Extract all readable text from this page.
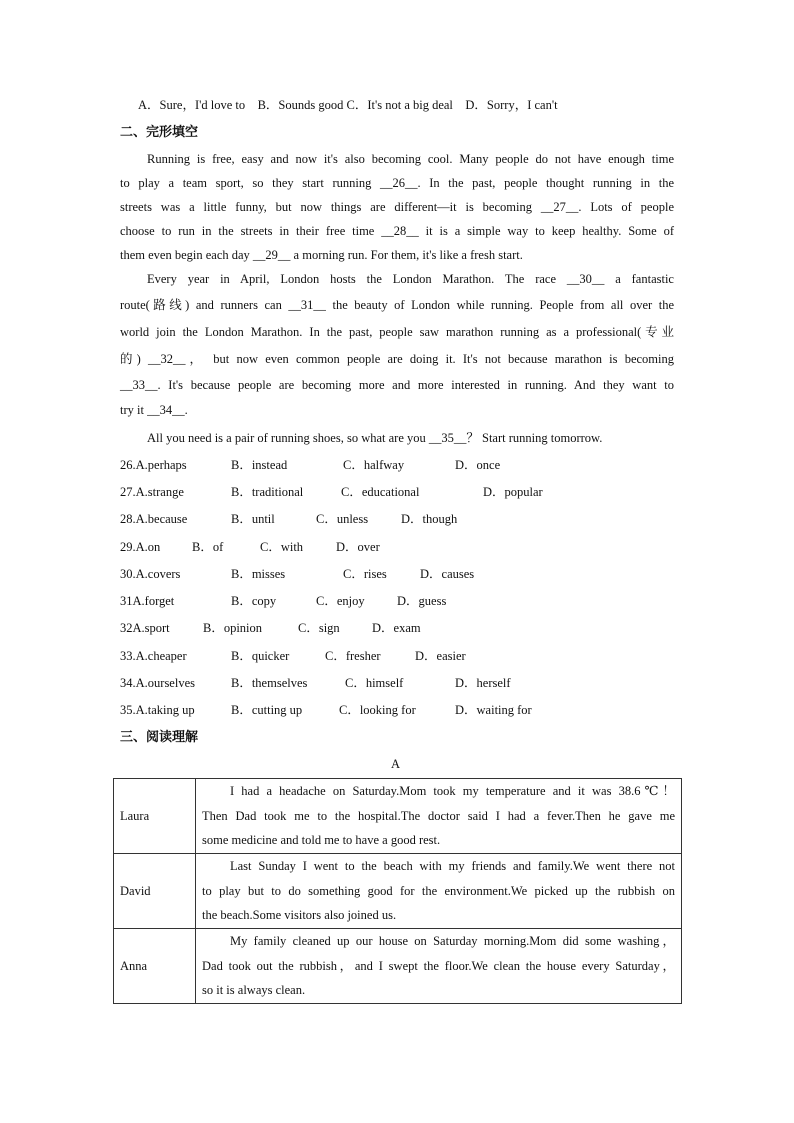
A．Sure，I'd love to　B．Sounds good C．It's not a big deal　D．Sorry，I can't
二、完形填空
Running is free, easy and now it's also becoming cool. Many people do not have enough time
to play a team sport, so they start running __26__. In the past, people thought running in the
streets was a little funny, but now things are different—it is becoming __27__. Lots of people
choose to run in the streets in their free time __28__ it is a simple way to keep healthy. Some of
them even begin each day __29__ a morning run. For them, it's like a fresh start.
Every year in April, London hosts the London Marathon. The race __30__ a fantastic
route(路线) and runners can __31__ the beauty of London while running. People from all over the
world join the London Marathon. In the past, people saw marathon running as a professional(专业
的) __32__， but now even common people are doing it. It's not because marathon is becoming
__33__. It's because people are becoming more and more interested in running. And they want to
try it __34__.
All you need is a pair of running shoes, so what are you __35__？ Start running tomorrow.
26.A.perhaps	B．instead	C．halfway	D．once
27.A.strange	B．traditional	C．educational	D．popular
28.A.because	B．until	C．unless	D．though
29.A.on	B．of	C．with	D．over
30.A.covers	B．misses	C．rises	D．causes
31A.forget	B．copy	C．enjoy	D．guess
32A.sport	B．opinion	C．sign	D．exam
33.A.cheaper	B．quicker	C．fresher	D．easier
34.A.ourselves	B．themselves	C．himself	D．herself
35.A.taking up	B．cutting up	C．looking for	D．waiting for
三、阅读理解
A
Laura	I had a headache on Saturday.Mom took my temperature and it was 38.6℃！
Then Dad took me to the hospital.The doctor said I had a fever.Then he gave me
some medicine and told me to have a good rest.

David	Last Sunday I went to the beach with my friends and family.We went there not
to play but to do something good for the environment.We picked up the rubbish on
the beach.Some visitors also joined us.

Anna	My family cleaned up our house on Saturday morning.Mom did some washing，
Dad took out the rubbish，and I swept the floor.We clean the house every Saturday，
so it is always clean.
